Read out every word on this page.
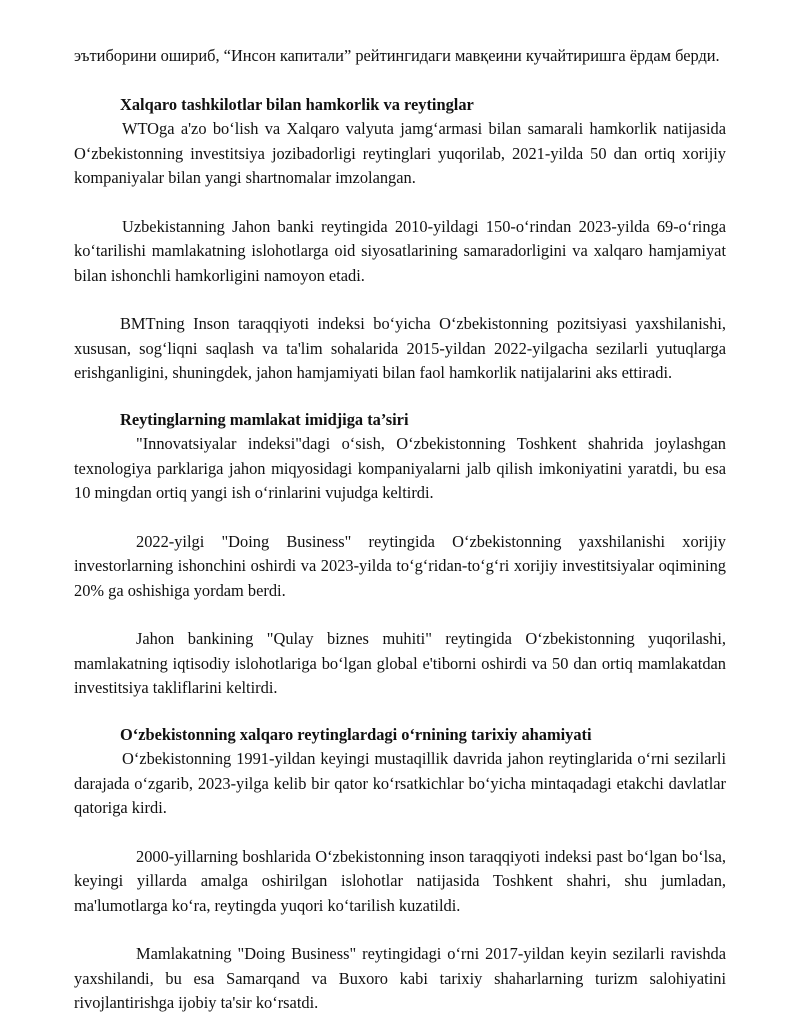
эътиборини ошириб, “Инсон капитали” рейтингидаги мавқеини кучайтиришга ёрдам берди.

Xalqaro tashkilotlar bilan hamkorlik va reytinglar

WTOga a'zo bo‘lish va Xalqaro valyuta jamg‘armasi bilan samarali hamkorlik natijasida O‘zbekistonning investitsiya jozibadorligi reytinglari yuqorilab, 2021-yilda 50 dan ortiq xorijiy kompaniyalar bilan yangi shartnomalar imzolangan.

Uzbekistanning Jahon banki reytingida 2010-yildagi 150-o‘rindan 2023-yilda 69-o‘ringa ko‘tarilishi mamlakatning islohotlarga oid siyosatlarining samaradorligini va xalqaro hamjamiyat bilan ishonchli hamkorligini namoyon etadi.

BMTning Inson taraqqiyoti indeksi bo‘yicha O‘zbekistonning pozitsiyasi yaxshilanishi, xususan, sog‘liqni saqlash va ta'lim sohalarida 2015-yildan 2022-yilgacha sezilarli yutuqlarga erishganligini, shuningdek, jahon hamjamiyati bilan faol hamkorlik natijalarini aks ettiradi.

Reytinglarning mamlakat imidjiga ta’siri

"Innovatsiyalar indeksi"dagi o‘sish, O‘zbekistonning Toshkent shahrida joylashgan texnologiya parklariga jahon miqyosidagi kompaniyalarni jalb qilish imkoniyatini yaratdi, bu esa 10 mingdan ortiq yangi ish o‘rinlarini vujudga keltirdi.

2022-yilgi "Doing Business" reytingida O‘zbekistonning yaxshilanishi xorijiy investorlarning ishonchini oshirdi va 2023-yilda to‘g‘ridan-to‘g‘ri xorijiy investitsiyalar oqimining 20% ga oshishiga yordam berdi.

Jahon bankining "Qulay biznes muhiti" reytingida O‘zbekistonning yuqorilashi, mamlakatning iqtisodiy islohotlariga bo‘lgan global e'tiborni oshirdi va 50 dan ortiq mamlakatdan investitsiya takliflarini keltirdi.

O‘zbekistonning xalqaro reytinglardagi o‘rnining tarixiy ahamiyati

O‘zbekistonning 1991-yildan keyingi mustaqillik davrida jahon reytinglarida o‘rni sezilarli darajada o‘zgarib, 2023-yilga kelib bir qator ko‘rsatkichlar bo‘yicha mintaqadagi etakchi davlatlar qatoriga kirdi.

2000-yillarning boshlarida O‘zbekistonning inson taraqqiyoti indeksi past bo‘lgan bo‘lsa, keyingi yillarda amalga oshirilgan islohotlar natijasida Toshkent shahri, shu jumladan, ma'lumotlarga ko‘ra, reytingda yuqori ko‘tarilish kuzatildi.

Mamlakatning "Doing Business" reytingidagi o‘rni 2017-yildan keyin sezilarli ravishda yaxshilandi, bu esa Samarqand va Buxoro kabi tarixiy shaharlarning turizm salohiyatini rivojlantirishga ijobiy ta'sir ko‘rsatdi.
